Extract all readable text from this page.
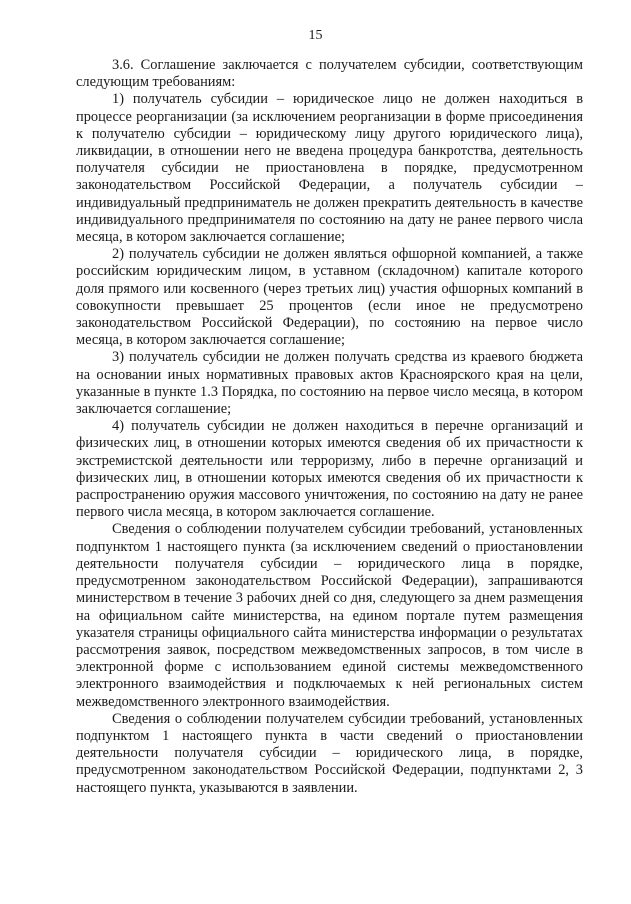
15

3.6. Соглашение заключается с получателем субсидии, соответствующим следующим требованиям:

1) получатель субсидии – юридическое лицо не должен находиться в процессе реорганизации (за исключением реорганизации в форме присоединения к получателю субсидии – юридическому лицу другого юридического лица), ликвидации, в отношении него не введена процедура банкротства, деятельность получателя субсидии не приостановлена в порядке, предусмотренном законодательством Российской Федерации, а получатель субсидии – индивидуальный предприниматель не должен прекратить деятельность в качестве индивидуального предпринимателя по состоянию на дату не ранее первого числа месяца, в котором заключается соглашение;

2) получатель субсидии не должен являться офшорной компанией, а также российским юридическим лицом, в уставном (складочном) капитале которого доля прямого или косвенного (через третьих лиц) участия офшорных компаний в совокупности превышает 25 процентов (если иное не предусмотрено законодательством Российской Федерации), по состоянию на первое число месяца, в котором заключается соглашение;

3) получатель субсидии не должен получать средства из краевого бюджета на основании иных нормативных правовых актов Красноярского края на цели, указанные в пункте 1.3 Порядка, по состоянию на первое число месяца, в котором заключается соглашение;

4) получатель субсидии не должен находиться в перечне организаций и физических лиц, в отношении которых имеются сведения об их причастности к экстремистской деятельности или терроризму, либо в перечне организаций и физических лиц, в отношении которых имеются сведения об их причастности к распространению оружия массового уничтожения, по состоянию на дату не ранее первого числа месяца, в котором заключается соглашение.

Сведения о соблюдении получателем субсидии требований, установленных подпунктом 1 настоящего пункта (за исключением сведений о приостановлении деятельности получателя субсидии – юридического лица в порядке, предусмотренном законодательством Российской Федерации), запрашиваются министерством в течение 3 рабочих дней со дня, следующего за днем размещения на официальном сайте министерства, на едином портале путем размещения указателя страницы официального сайта министерства информации о результатах рассмотрения заявок, посредством межведомственных запросов, в том числе в электронной форме с использованием единой системы межведомственного электронного взаимодействия и подключаемых к ней региональных систем межведомственного электронного взаимодействия.

Сведения о соблюдении получателем субсидии требований, установленных подпунктом 1 настоящего пункта в части сведений о приостановлении деятельности получателя субсидии – юридического лица, в порядке, предусмотренном законодательством Российской Федерации, подпунктами 2, 3 настоящего пункта, указываются в заявлении.
